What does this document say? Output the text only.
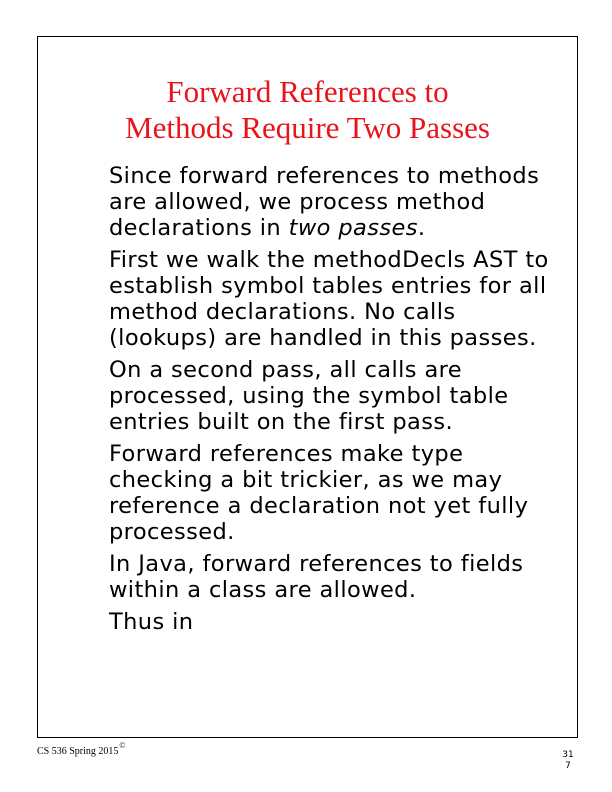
Forward References to
Methods Require Two Passes

Since forward references to methods are allowed, we process method declarations in two passes.

First we walk the methodDecls AST to establish symbol tables entries for all method declarations. No calls (lookups) are handled in this passes.

On a second pass, all calls are processed, using the symbol table entries built on the first pass.

Forward references make type checking a bit trickier, as we may reference a declaration not yet fully processed.

In Java, forward references to fields within a class are allowed.

Thus in

CS 536 Spring 2015©
31
7
